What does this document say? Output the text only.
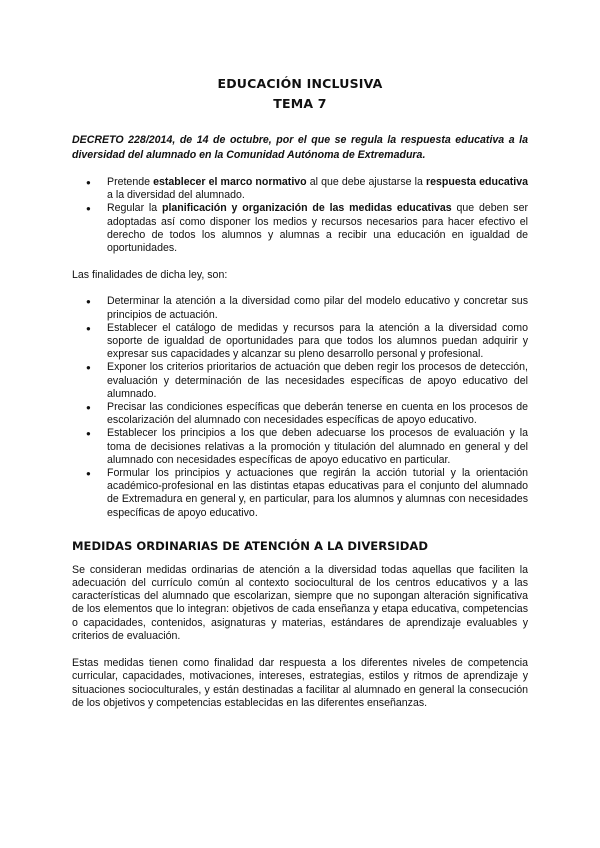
EDUCACIÓN INCLUSIVA
TEMA 7

DECRETO 228/2014, de 14 de octubre, por el que se regula la respuesta educativa a la diversidad del alumnado en la Comunidad Autónoma de Extremadura.

● Pretende establecer el marco normativo al que debe ajustarse la respuesta educativa a la diversidad del alumnado.
● Regular la planificación y organización de las medidas educativas que deben ser adoptadas así como disponer los medios y recursos necesarios para hacer efectivo el derecho de todos los alumnos y alumnas a recibir una educación en igualdad de oportunidades.

Las finalidades de dicha ley, son:

● Determinar la atención a la diversidad como pilar del modelo educativo y concretar sus principios de actuación.
● Establecer el catálogo de medidas y recursos para la atención a la diversidad como soporte de igualdad de oportunidades para que todos los alumnos puedan adquirir y expresar sus capacidades y alcanzar su pleno desarrollo personal y profesional.
● Exponer los criterios prioritarios de actuación que deben regir los procesos de detección, evaluación y determinación de las necesidades específicas de apoyo educativo del alumnado.
● Precisar las condiciones específicas que deberán tenerse en cuenta en los procesos de escolarización del alumnado con necesidades específicas de apoyo educativo.
● Establecer los principios a los que deben adecuarse los procesos de evaluación y la toma de decisiones relativas a la promoción y titulación del alumnado en general y del alumnado con necesidades específicas de apoyo educativo en particular.
● Formular los principios y actuaciones que regirán la acción tutorial y la orientación académico-profesional en las distintas etapas educativas para el conjunto del alumnado de Extremadura en general y, en particular, para los alumnos y alumnas con necesidades específicas de apoyo educativo.
MEDIDAS ORDINARIAS DE ATENCIÓN A LA DIVERSIDAD

Se consideran medidas ordinarias de atención a la diversidad todas aquellas que faciliten la adecuación del currículo común al contexto sociocultural de los centros educativos y a las características del alumnado que escolarizan, siempre que no supongan alteración significativa de los elementos que lo integran: objetivos de cada enseñanza y etapa educativa, competencias o capacidades, contenidos, asignaturas y materias, estándares de aprendizaje evaluables y criterios de evaluación.

Estas medidas tienen como finalidad dar respuesta a los diferentes niveles de competencia curricular, capacidades, motivaciones, intereses, estrategias, estilos y ritmos de aprendizaje y situaciones socioculturales, y están destinadas a facilitar al alumnado en general la consecución de los objetivos y competencias establecidas en las diferentes enseñanzas.
